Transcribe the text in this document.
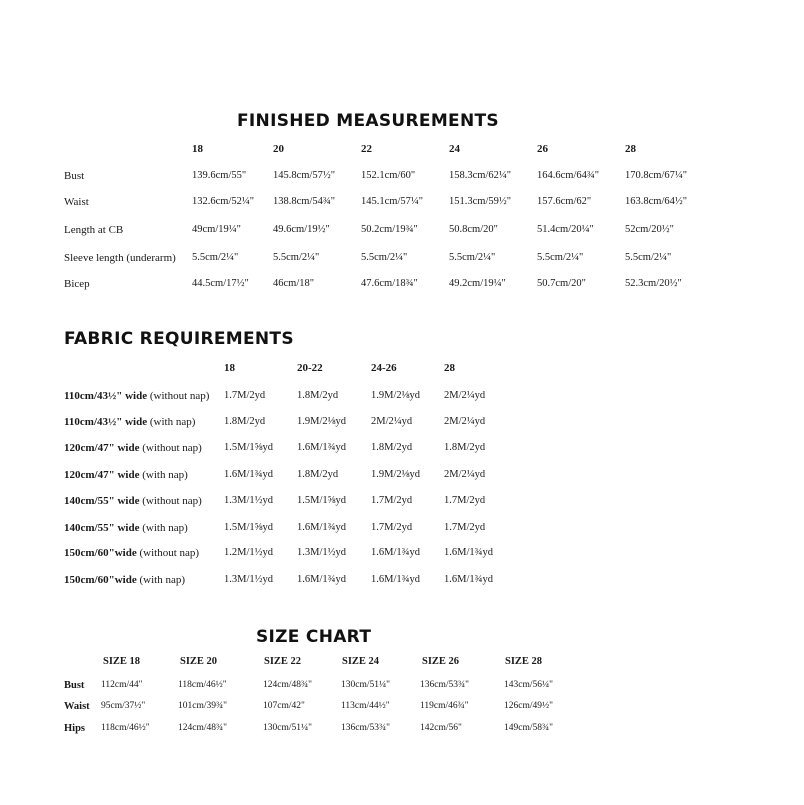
FINISHED MEASUREMENTS
18	20	22	24	26	28
Bust	139.6cm/55"	145.8cm/57½" 152.1cm/60"	158.3cm/62¼" 164.6cm/64¾" 170.8cm/67¼"
Waist	132.6cm/52¼" 138.8cm/54¾" 145.1cm/57¼" 151.3cm/59½" 157.6cm/62"	163.8cm/64½"
Length at CB	49cm/19¼"	49.6cm/19½"	50.2cm/19¾"	50.8cm/20"	51.4cm/20¼"	52cm/20½"
Sleeve length (underarm) 5.5cm/2¼"	5.5cm/2¼"	5.5cm/2¼"	5.5cm/2¼"	5.5cm/2¼"	5.5cm/2¼"
Bicep	44.5cm/17½" 46cm/18"	47.6cm/18¾"	49.2cm/19¼"	50.7cm/20"	52.3cm/20½"
FABRIC REQUIREMENTS
18	20-22	24-26	28
110cm/43½" wide (without nap) 1.7M/2yd	1.8M/2yd	1.9M/2⅛yd 2M/2¼yd
110cm/43½" wide (with nap)	1.8M/2yd	1.9M/2⅛yd 2M/2¼yd	2M/2¼yd
120cm/47" wide (without nap) 1.5M/1⅝yd 1.6M/1¾yd 1.8M/2yd	1.8M/2yd
120cm/47" wide (with nap)	1.6M/1¾yd 1.8M/2yd	1.9M/2⅛yd 2M/2¼yd
140cm/55" wide (without nap) 1.3M/1½yd 1.5M/1⅝yd 1.7M/2yd	1.7M/2yd
140cm/55" wide (with nap)	1.5M/1⅝yd 1.6M/1¾yd 1.7M/2yd	1.7M/2yd
150cm/60"wide (without nap) 1.2M/1½yd 1.3M/1½yd 1.6M/1¾yd 1.6M/1¾yd
150cm/60"wide (with nap)	1.3M/1½yd 1.6M/1¾yd 1.6M/1¾yd 1.6M/1¾yd
SIZE CHART
SIZE 18	SIZE 20	SIZE 22	SIZE 24	SIZE 26	SIZE 28
Bust 112cm/44"	118cm/46½"	124cm/48¾"	130cm/51¼"	136cm/53¾"	143cm/56¼"
Waist 95cm/37½"	101cm/39¾"	107cm/42"	113cm/44½"	119cm/46¾"	126cm/49½"
Hips 118cm/46½"	124cm/48¾"	130cm/51¼"	136cm/53¾"	142cm/56"	149cm/58¾"
